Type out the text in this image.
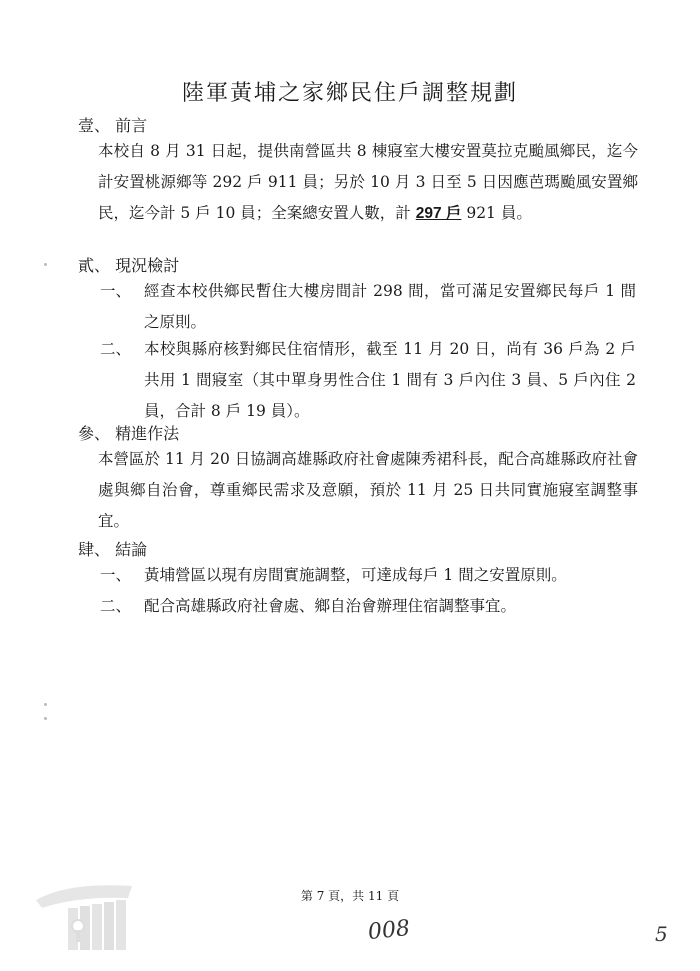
陸軍黃埔之家鄉民住戶調整規劃
壹、 前言
本校自 8 月 31 日起，提供南營區共 8 棟寢室大樓安置莫拉克颱風鄉民，迄今計安置桃源鄉等 292 戶 911 員；另於 10 月 3 日至 5 日因應芭瑪颱風安置鄉民，迄今計 5 戶 10 員；全案總安置人數，計 297 戶 921 員。
貳、 現況檢討
一、 經查本校供鄉民暫住大樓房間計 298 間，當可滿足安置鄉民每戶 1 間之原則。
二、 本校與縣府核對鄉民住宿情形，截至 11 月 20 日，尚有 36 戶為 2 戶共用 1 間寢室（其中單身男性合住 1 間有 3 戶內住 3 員、5 戶內住 2 員，合計 8 戶 19 員）。
參、 精進作法
本營區於 11 月 20 日協調高雄縣政府社會處陳秀裙科長，配合高雄縣政府社會處與鄉自治會，尊重鄉民需求及意願，預於 11 月 25 日共同實施寢室調整事宜。
肆、 結論
一、 黃埔營區以現有房間實施調整，可達成每戶 1 間之安置原則。
二、 配合高雄縣政府社會處、鄉自治會辦理住宿調整事宜。
第 7 頁，共 11 頁
008	5
